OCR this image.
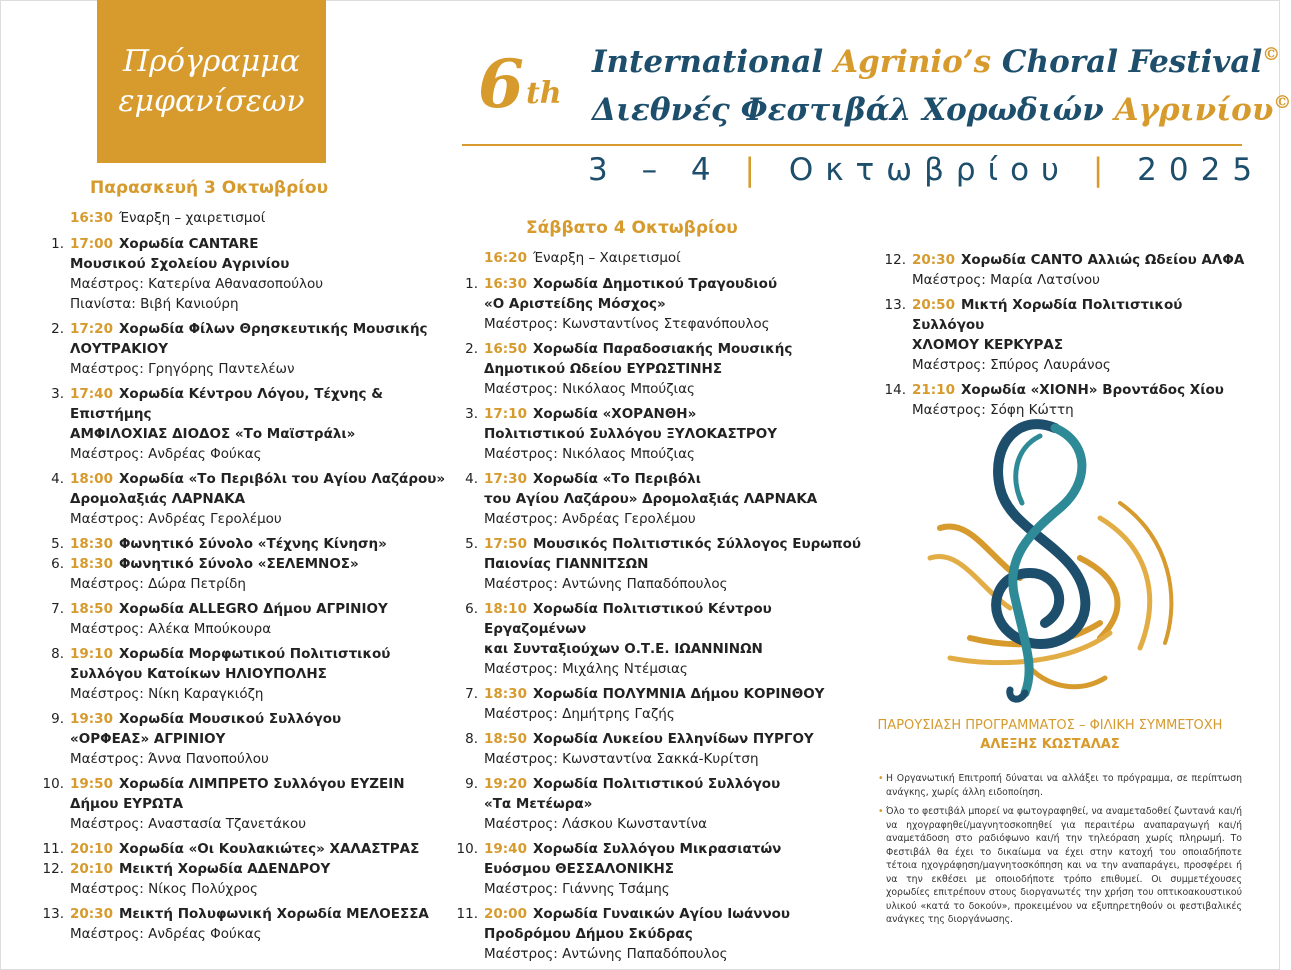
Πρόγραμμα
εμφανίσεων	6th
International Agrinio’s Choral Festival©
Διεθνές Φεστιβάλ Χορωδιών Αγρινίου©
3 – 4 | Οκτωβρίου | 2025
Παρασκευή 3 Οκτωβρίου
16:30 Έναρξη – χαιρετισμοί
1. 17:00 Χορωδία CANTARE
Μουσικού Σχολείου Αγρινίου
Μαέστρος: Κατερίνα Αθανασοπούλου
Πιανίστα: Βιβή Κανιούρη
2. 17:20 Χορωδία Φίλων Θρησκευτικής Μουσικής
ΛΟΥΤΡΑΚΙΟΥ
Μαέστρος: Γρηγόρης Παντελέων
3. 17:40 Χορωδία Κέντρου Λόγου, Τέχνης & Επιστήμης
ΑΜΦΙΛΟΧΙΑΣ ΔΙΟΔΟΣ «Το Μαϊστράλι»
Μαέστρος: Ανδρέας Φούκας
4. 18:00 Χορωδία «Το Περιβόλι του Αγίου Λαζάρου»
Δρομολαξιάς ΛΑΡΝΑΚΑ
Μαέστρος: Ανδρέας Γερολέμου
5. 18:30 Φωνητικό Σύνολο «Τέχνης Κίνηση»
6. 18:30 Φωνητικό Σύνολο «ΣΕΛΕΜΝΟΣ»
Μαέστρος: Δώρα Πετρίδη
7. 18:50 Χορωδία ALLEGRO Δήμου ΑΓΡΙΝΙΟΥ
Μαέστρος: Αλέκα Μπούκουρα
8. 19:10 Χορωδία Μορφωτικού Πολιτιστικού
Συλλόγου Κατοίκων ΗΛΙΟΥΠΟΛΗΣ
Μαέστρος: Νίκη Καραγκιόζη
9. 19:30 Χορωδία Μουσικού Συλλόγου
«ΟΡΦΕΑΣ» ΑΓΡΙΝΙΟΥ
Μαέστρος: Άννα Πανοπούλου
10. 19:50 Χορωδία ΛΙΜΠΡΕΤΟ Συλλόγου ΕΥΖΕΙΝ
Δήμου ΕΥΡΩΤΑ
Μαέστρος: Αναστασία Τζανετάκου
11. 20:10 Χορωδία «Οι Κουλακιώτες» ΧΑΛΑΣΤΡΑΣ
12. 20:10 Μεικτή Χορωδία ΑΔΕΝΔΡΟΥ
Μαέστρος: Νίκος Πολύχρος
13. 20:30 Μεικτή Πολυφωνική Χορωδία ΜΕΛΟΕΣΣΑ
Μαέστρος: Ανδρέας Φούκας
Σάββατο 4 Οκτωβρίου
16:20 Έναρξη – Χαιρετισμοί
1. 16:30 Χορωδία Δημοτικού Τραγουδιού
«Ο Αριστείδης Μόσχος»
Μαέστρος: Κωνσταντίνος Στεφανόπουλος
2. 16:50 Χορωδία Παραδοσιακής Μουσικής
Δημοτικού Ωδείου ΕΥΡΩΣΤΙΝΗΣ
Μαέστρος: Νικόλαος Μπούζιας
3. 17:10 Χορωδία «ΧΟΡΑΝΘΗ»
Πολιτιστικού Συλλόγου ΞΥΛΟΚΑΣΤΡΟΥ
Μαέστρος: Νικόλαος Μπούζιας
4. 17:30 Χορωδία «Το Περιβόλι
του Αγίου Λαζάρου» Δρομολαξιάς ΛΑΡΝΑΚΑ
Μαέστρος: Ανδρέας Γερολέμου
5. 17:50 Μουσικός Πολιτιστικός Σύλλογος Ευρωπού
Παιονίας ΓΙΑΝΝΙΤΣΩΝ
Μαέστρος: Αντώνης Παπαδόπουλος
6. 18:10 Χορωδία Πολιτιστικού Κέντρου Εργαζομένων
και Συνταξιούχων Ο.Τ.Ε. ΙΩΑΝΝΙΝΩΝ
Μαέστρος: Μιχάλης Ντέμσιας
7. 18:30 Χορωδία ΠΟΛΥΜΝΙΑ Δήμου ΚΟΡΙΝΘΟΥ
Μαέστρος: Δημήτρης Γαζής
8. 18:50 Χορωδία Λυκείου Ελληνίδων ΠΥΡΓΟΥ
Μαέστρος: Κωνσταντίνα Σακκά-Κυρίτση
9. 19:20 Χορωδία Πολιτιστικού Συλλόγου
«Τα Μετέωρα»
Μαέστρος: Λάσκου Κωνσταντίνα
10. 19:40 Χορωδία Συλλόγου Μικρασιατών
Ευόσμου ΘΕΣΣΑΛΟΝΙΚΗΣ
Μαέστρος: Γιάννης Τσάμης
11. 20:00 Χορωδία Γυναικών Αγίου Ιωάννου
Προδρόμου Δήμου Σκύδρας
Μαέστρος: Αντώνης Παπαδόπουλος
12. 20:30 Χορωδία CANTO Αλλιώς Ωδείου ΑΛΦΑ
Μαέστρος: Μαρία Λατσίνου
13. 20:50 Μικτή Χορωδία Πολιτιστικού Συλλόγου
ΧΛΟΜΟΥ ΚΕΡΚΥΡΑΣ
Μαέστρος: Σπύρος Λαυράνος
14. 21:10 Χορωδία «ΧΙΟΝΗ» Βροντάδος Χίου
Μαέστρος: Σόφη Κώττη
ΠΑΡΟΥΣΙΑΣΗ ΠΡΟΓΡΑΜΜΑΤΟΣ – ΦΙΛΙΚΗ ΣΥΜΜΕΤΟΧΗ
ΑΛΕΞΗΣ ΚΩΣΤΑΛΑΣ

• Η Οργανωτική Επιτροπή δύναται να αλλάξει το πρόγραμμα, σε περίπτωση ανάγκης, χωρίς άλλη ειδοποίηση.

• Όλο το φεστιβάλ μπορεί να φωτογραφηθεί, να αναμεταδοθεί ζωντανά και/ή να ηχογραφηθεί/μαγνητοσκοπηθεί για περαιτέρω αναπαραγωγή και/ή αναμετάδοση στο ραδιόφωνο και/ή την τηλεόραση χωρίς πληρωμή. Το Φεστιβάλ θα έχει το δικαίωμα να έχει στην κατοχή του οποιαδήποτε τέτοια ηχογράφηση/μαγνητοσκόπηση και να την αναπαράγει, προσφέρει ή να την εκθέσει με οποιοδήποτε τρόπο επιθυμεί. Οι συμμετέχουσες χορωδίες επιτρέπουν στους διοργανωτές την χρήση του οπτικοακουστικού υλικού «κατά το δοκούν», προκειμένου να εξυπηρετηθούν οι φεστιβαλικές ανάγκες της διοργάνωσης.
